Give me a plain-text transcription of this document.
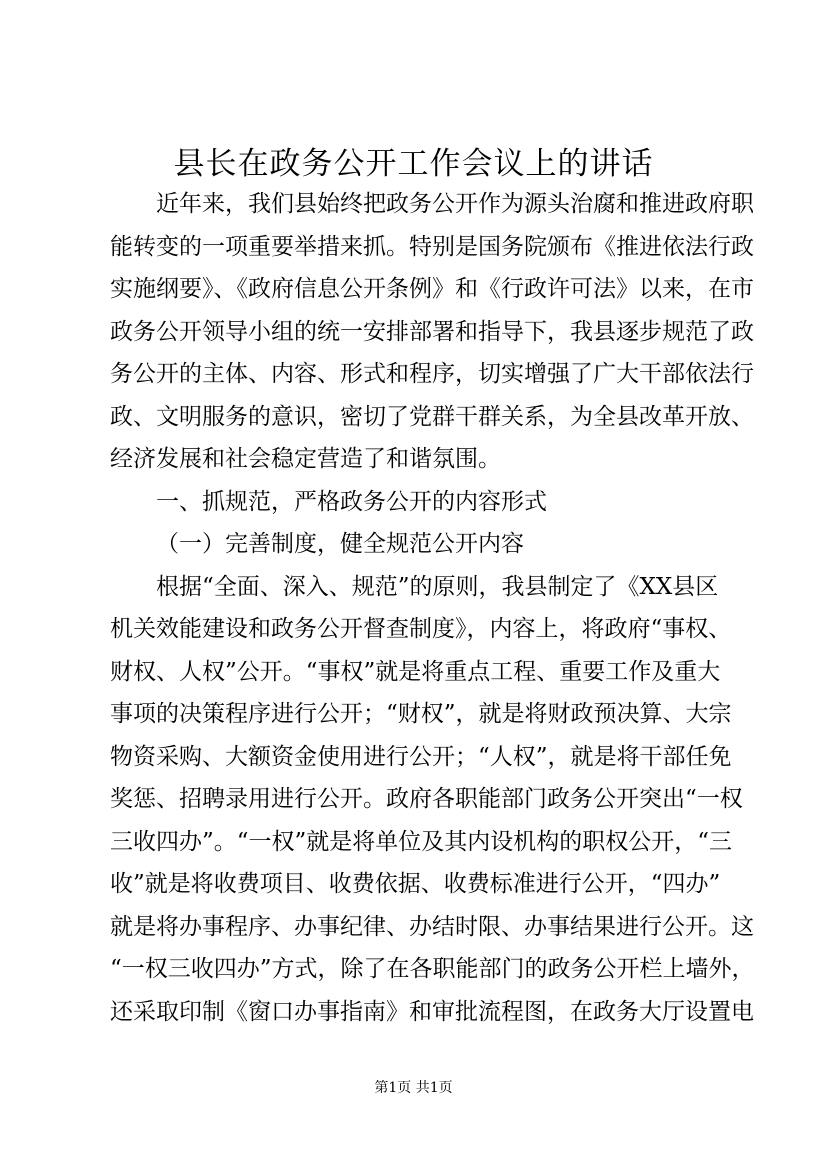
县长在政务公开工作会议上的讲话
近年来，我们县始终把政务公开作为源头治腐和推进政府职
能转变的一项重要举措来抓。特别是国务院颁布《推进依法行政
实施纲要》、《政府信息公开条例》和《行政许可法》以来，在市
政务公开领导小组的统一安排部署和指导下，我县逐步规范了政
务公开的主体、内容、形式和程序，切实增强了广大干部依法行
政、文明服务的意识，密切了党群干群关系，为全县改革开放、
经济发展和社会稳定营造了和谐氛围。
一、抓规范，严格政务公开的内容形式
（一）完善制度，健全规范公开内容
根据“全面、深入、规范”的原则，我县制定了《XX县区
机关效能建设和政务公开督查制度》，内容上，将政府“事权、
财权、人权”公开。“事权”就是将重点工程、重要工作及重大
事项的决策程序进行公开；“财权”，就是将财政预决算、大宗
物资采购、大额资金使用进行公开；“人权”，就是将干部任免
奖惩、招聘录用进行公开。政府各职能部门政务公开突出“一权
三收四办”。“一权”就是将单位及其内设机构的职权公开，“三
收”就是将收费项目、收费依据、收费标准进行公开，“四办”
就是将办事程序、办事纪律、办结时限、办事结果进行公开。这
“一权三收四办”方式，除了在各职能部门的政务公开栏上墙外，
还采取印制《窗口办事指南》和审批流程图，在政务大厅设置电
第1页 共1页
